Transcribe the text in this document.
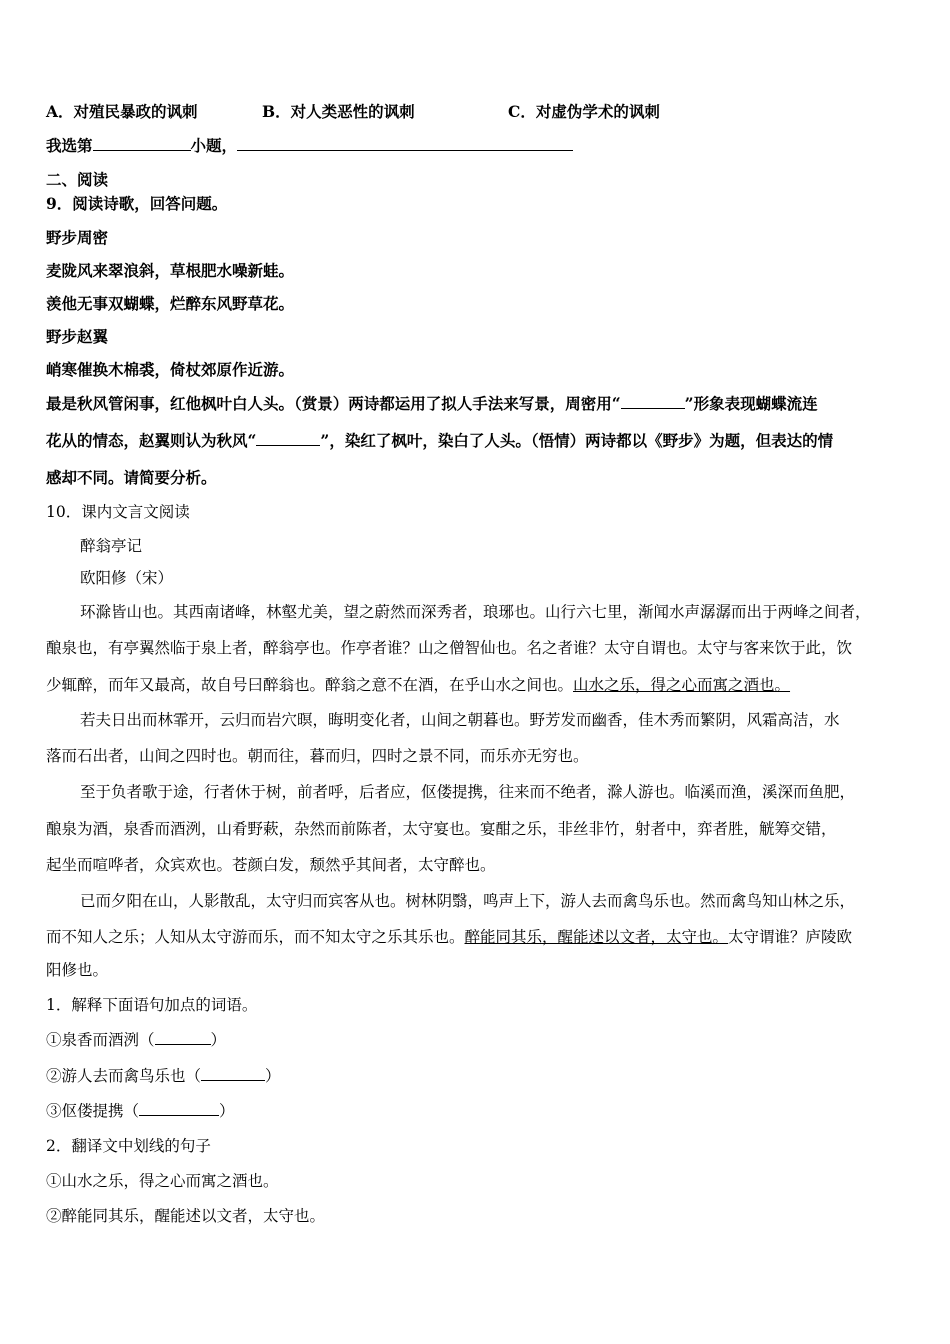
A．对殖民暴政的讽刺	B．对人类恶性的讽刺	C．对虚伪学术的讽刺
我选第	小题，
二、阅读
9．阅读诗歌，回答问题。
野步周密
麦陇风来翠浪斜，草根肥水噪新蛙。
羡他无事双蝴蝶，烂醉东风野草花。
野步赵翼
峭寒催换木棉裘，倚杖郊原作近游。
最是秋风管闲事，红他枫叶白人头。（赏景）两诗都运用了拟人手法来写景，周密用“	”形象表现蝴蝶流连
花从的情态，赵翼则认为秋风“	”，染红了枫叶，染白了人头。（悟情）两诗都以《野步》为题，但表达的情
感却不同。请简要分析。
10．课内文言文阅读
醉翁亭记
欧阳修（宋）
环滁皆山也。其西南诸峰，林壑尤美，望之蔚然而深秀者，琅琊也。山行六七里，渐闻水声潺潺而出于两峰之间者，
酿泉也，有亭翼然临于泉上者，醉翁亭也。作亭者谁？山之僧智仙也。名之者谁？太守自谓也。太守与客来饮于此，饮
少辄醉，而年又最高，故自号曰醉翁也。醉翁之意不在酒，在乎山水之间也。山水之乐，得之心而寓之酒也。
若夫日出而林霏开，云归而岩穴暝，晦明变化者，山间之朝暮也。野芳发而幽香，佳木秀而繁阴，风霜高洁，水
落而石出者，山间之四时也。朝而往，暮而归，四时之景不同，而乐亦无穷也。
至于负者歌于途，行者休于树，前者呼，后者应，伛偻提携，往来而不绝者，滁人游也。临溪而渔，溪深而鱼肥，
酿泉为酒，泉香而酒洌，山肴野蔌，杂然而前陈者，太守宴也。宴酣之乐，非丝非竹，射者中，弈者胜，觥筹交错，
起坐而喧哗者，众宾欢也。苍颜白发，颓然乎其间者，太守醉也。
已而夕阳在山，人影散乱，太守归而宾客从也。树林阴翳，鸣声上下，游人去而禽鸟乐也。然而禽鸟知山林之乐，
而不知人之乐；人知从太守游而乐，而不知太守之乐其乐也。醉能同其乐，醒能述以文者，太守也。太守谓谁？庐陵欧
阳修也。
1．解释下面语句加点的词语。
①泉香而酒洌（	）
②游人去而禽鸟乐也（	）
③伛偻提携（	）
2．翻译文中划线的句子
①山水之乐，得之心而寓之酒也。
②醉能同其乐，醒能述以文者，太守也。
